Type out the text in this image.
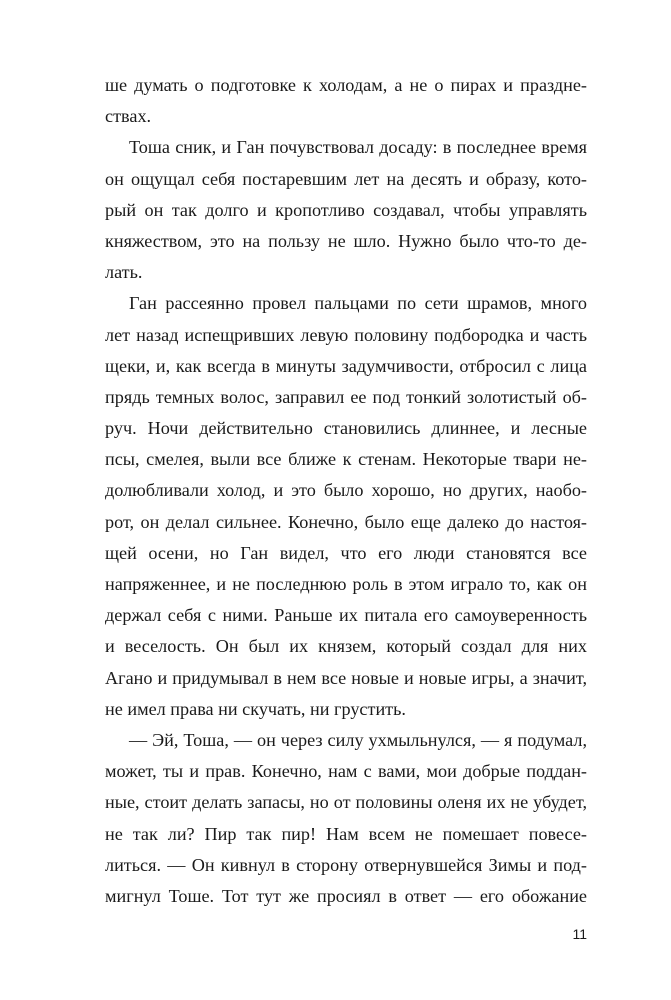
ше думать о подготовке к холодам, а не о пирах и праздне-
ствах.
Тоша сник, и Ган почувствовал досаду: в последнее время
он ощущал себя постаревшим лет на десять и образу, кото-
рый он так долго и кропотливо создавал, чтобы управлять
княжеством, это на пользу не шло. Нужно было что-то де-
лать.
Ган рассеянно провел пальцами по сети шрамов, много
лет назад испещривших левую половину подбородка и часть
щеки, и, как всегда в минуты задумчивости, отбросил с лица
прядь темных волос, заправил ее под тонкий золотистый об-
руч. Ночи действительно становились длиннее, и лесные
псы, смелея, выли все ближе к стенам. Некоторые твари не-
долюбливали холод, и это было хорошо, но других, наобо-
рот, он делал сильнее. Конечно, было еще далеко до настоя-
щей осени, но Ган видел, что его люди становятся все
напряженнее, и не последнюю роль в этом играло то, как он
держал себя с ними. Раньше их питала его самоуверенность
и веселость. Он был их князем, который создал для них
Агано и придумывал в нем все новые и новые игры, а значит,
не имел права ни скучать, ни грустить.
— Эй, Тоша, — он через силу ухмыльнулся, — я подумал,
может, ты и прав. Конечно, нам с вами, мои добрые поддан-
ные, стоит делать запасы, но от половины оленя их не убудет,
не так ли? Пир так пир! Нам всем не помешает повесе-
литься. — Он кивнул в сторону отвернувшейся Зимы и под-
мигнул Тоше. Тот тут же просиял в ответ — его обожание
11
